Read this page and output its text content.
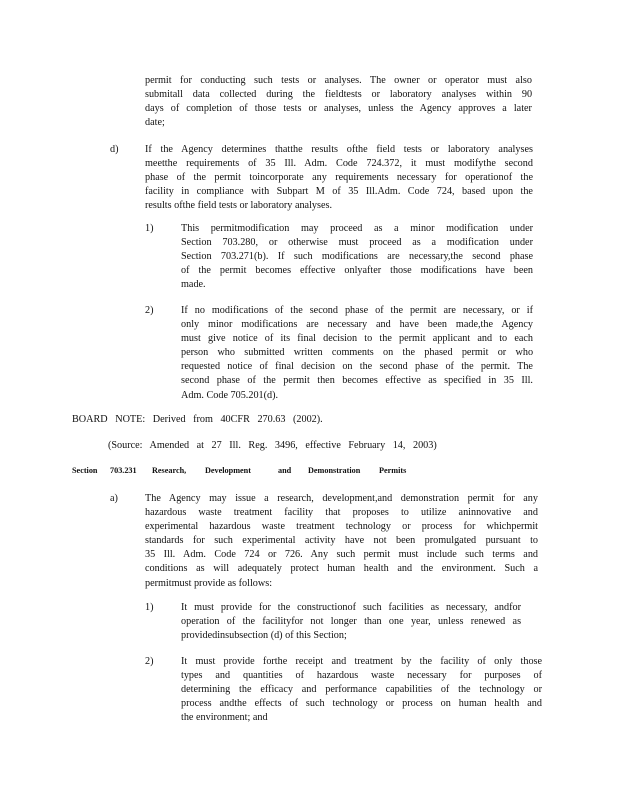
permit for conducting such tests or analyses. The owner or operator must also
submitall data collected during the fieldtests or laboratory analyses within 90
days of completion of those tests or analyses, unless the Agency approves a later
date;
d)	If the Agency determines thatthe results ofthe field tests or laboratory analyses
meetthe requirements of 35 Ill. Adm. Code 724.372, it must modifythe second
phase of the permit toincorporate any requirements necessary for operationof the
facility in compliance with Subpart M of 35 Ill.Adm. Code 724, based upon the
results ofthe field tests or laboratory analyses.
1)	This permitmodification may proceed as a minor modification under
Section 703.280, or otherwise must proceed as a modification under
Section 703.271(b). If such modifications are necessary,the second phase
of the permit becomes effective onlyafter those modifications have been
made.
2)	If no modifications of the second phase of the permit are necessary, or if
only minor modifications are necessary and have been made,the Agency
must give notice of its final decision to the permit applicant and to each
person who submitted written comments on the phased permit or who
requested notice of final decision on the second phase of the permit. The
second phase of the permit then becomes effective as specified in 35 Ill.
Adm. Code 705.201(d).
BOARD NOTE: Derived from 40CFR 270.63 (2002).
(Source: Amended at 27 Ill. Reg. 3496, effective February 14, 2003)
Section 703.231 Research, Development	and Demonstration Permits
a)	The Agency may issue a research, development,and demonstration permit for any
hazardous waste treatment facility that proposes to utilize aninnovative and
experimental hazardous waste treatment technology or process for whichpermit
standards for such experimental activity have not been promulgated pursuant to
35 Ill. Adm. Code 724 or 726. Any such permit must include such terms and
conditions as will adequately protect human health and the environment. Such a
permitmust provide as follows:
1)	It must provide for the constructionof such facilities as necessary, andfor
operation of the facilityfor not longer than one year, unless renewed as
providedinsubsection (d) of this Section;
2)	It must provide forthe receipt and treatment by the facility of only those
types and quantities of hazardous waste necessary for purposes of
determining the efficacy and performance capabilities of the technology or
process andthe effects of such technology or process on human health and
the environment; and
